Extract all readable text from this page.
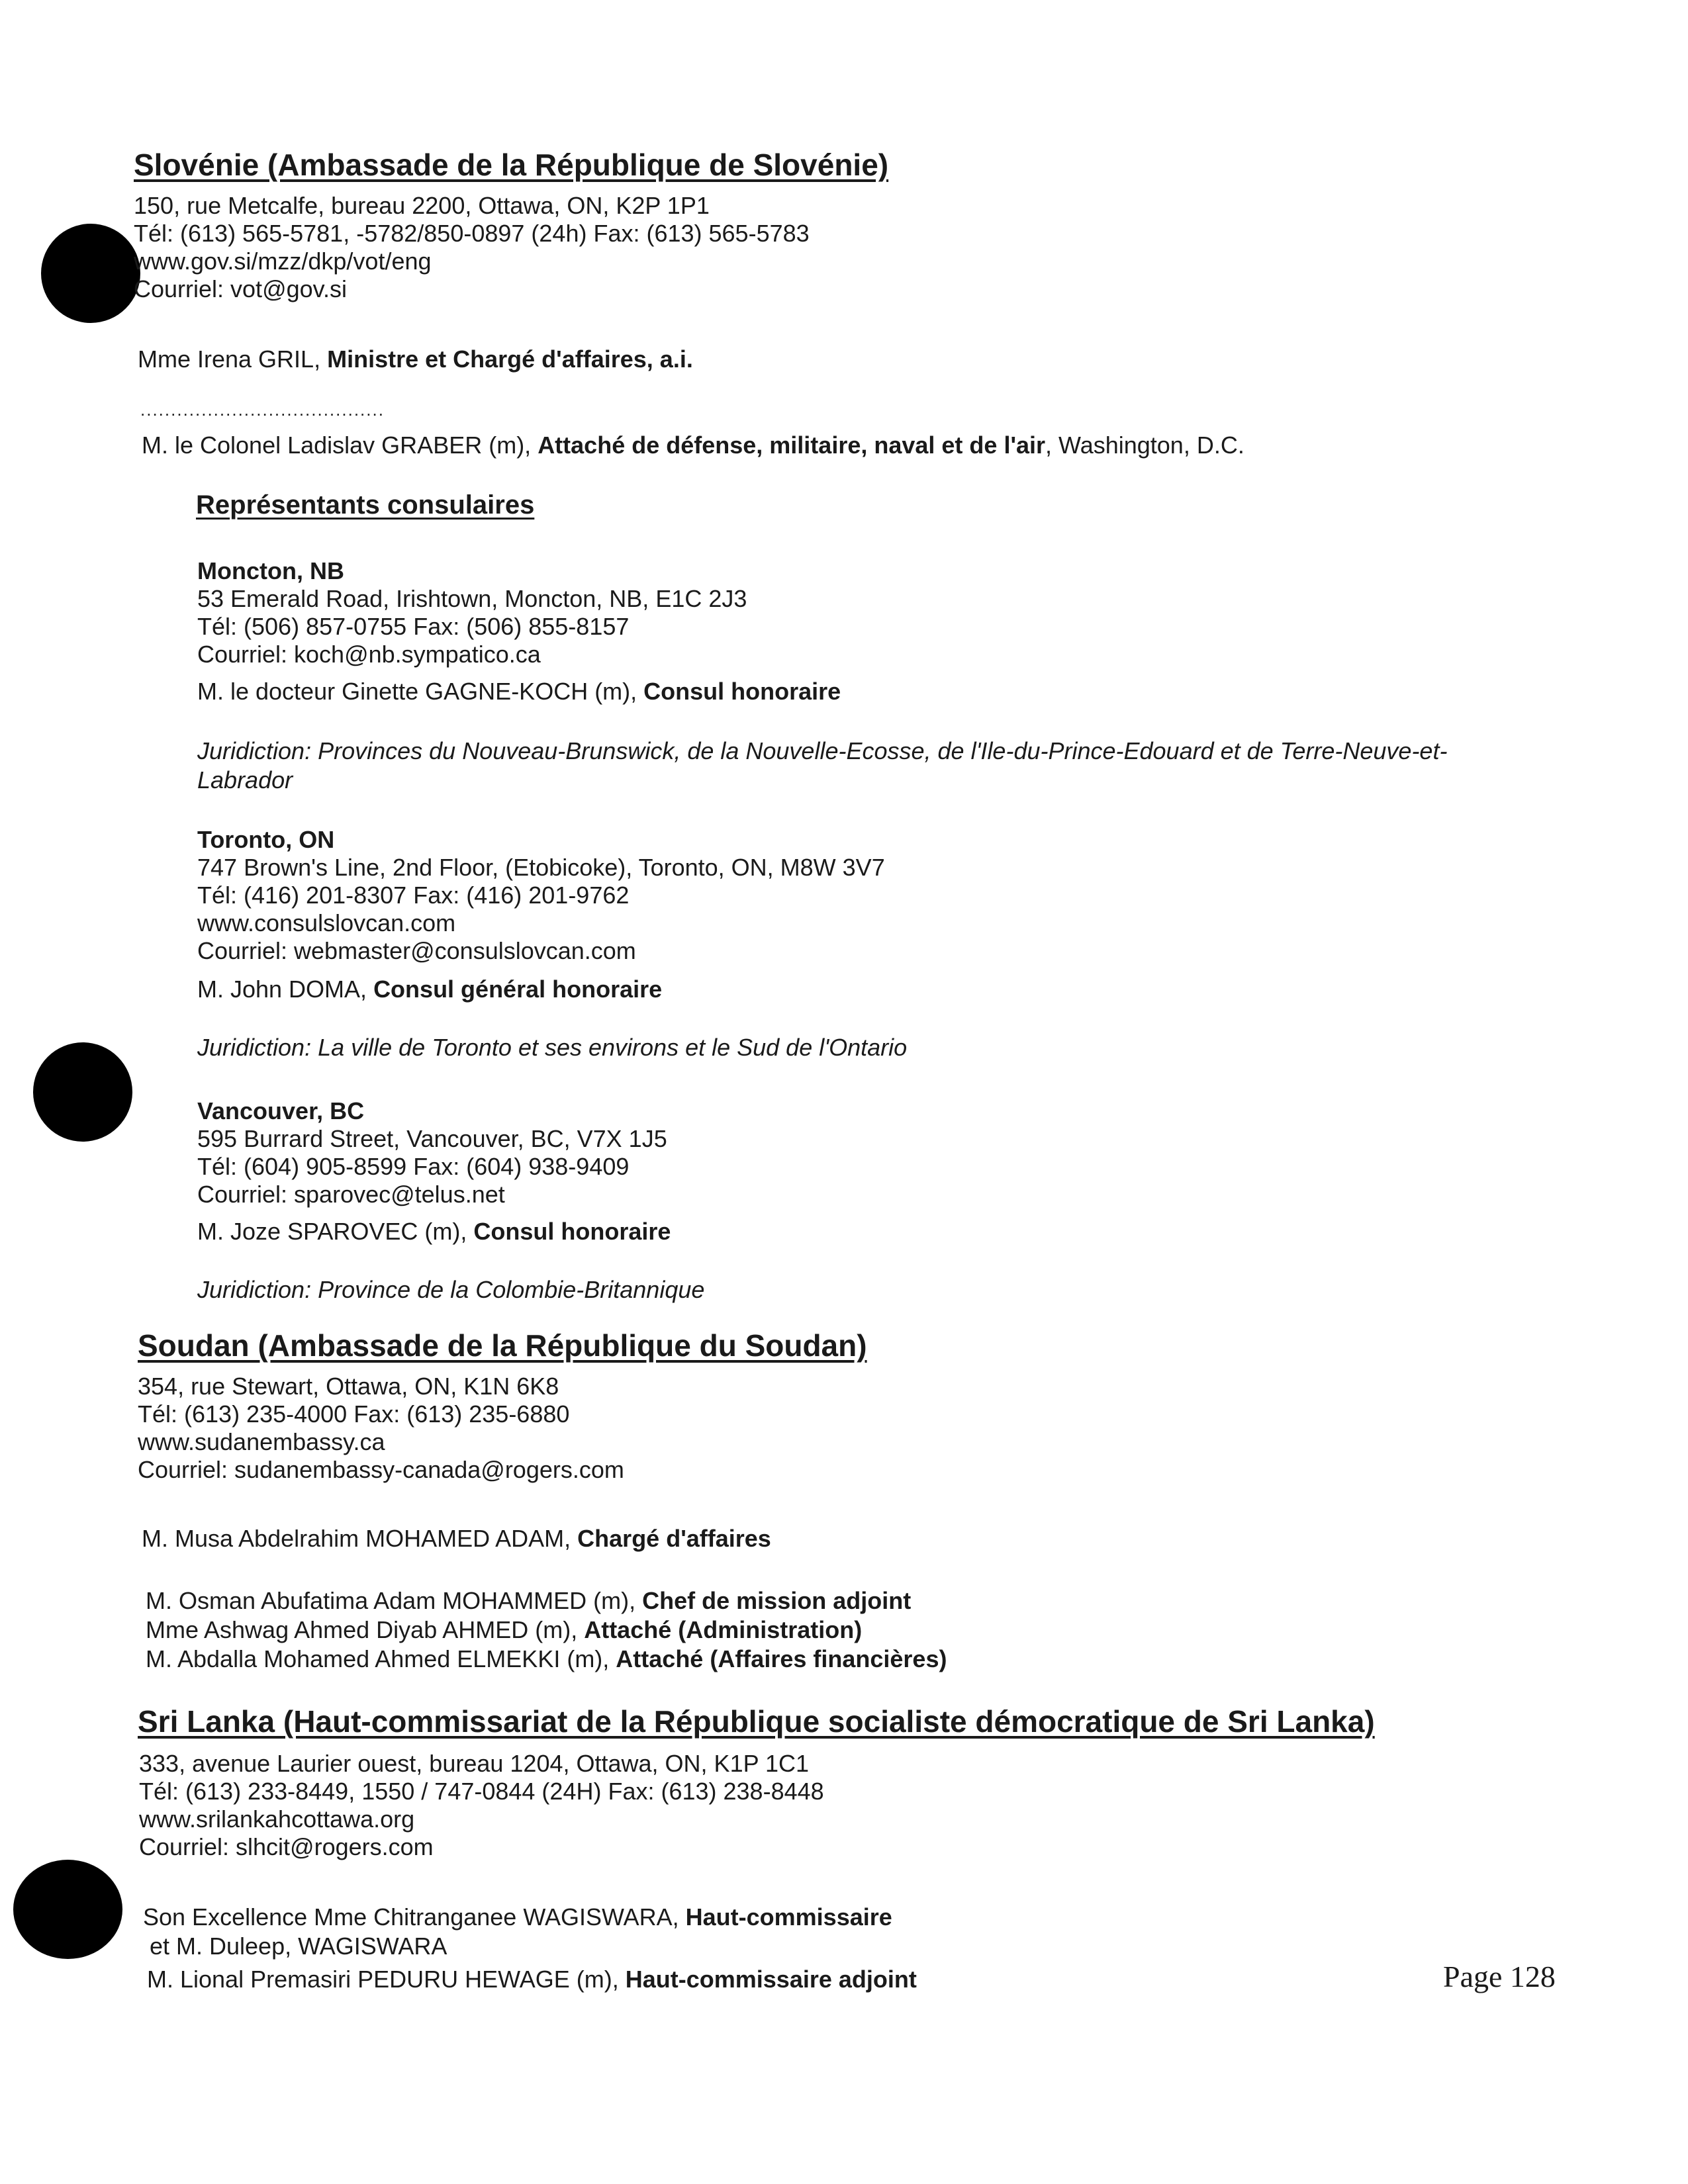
Slovénie (Ambassade de la République de Slovénie)
150, rue Metcalfe, bureau 2200, Ottawa, ON, K2P 1P1
Tél: (613) 565-5781, -5782/850-0897 (24h) Fax: (613) 565-5783
www.gov.si/mzz/dkp/vot/eng
Courriel: vot@gov.si
Mme Irena GRIL, Ministre et Chargé d'affaires, a.i.
........................................
M. le Colonel Ladislav GRABER (m), Attaché de défense, militaire, naval et de l'air, Washington, D.C.
Représentants consulaires
Moncton, NB
53 Emerald Road, Irishtown, Moncton, NB, E1C 2J3
Tél: (506) 857-0755 Fax: (506) 855-8157
Courriel: koch@nb.sympatico.ca
M. le docteur Ginette GAGNE-KOCH (m), Consul honoraire
Juridiction: Provinces du Nouveau-Brunswick, de la Nouvelle-Ecosse, de l'Ile-du-Prince-Edouard et de Terre-Neuve-et-
Labrador
Toronto, ON
747 Brown's Line, 2nd Floor, (Etobicoke), Toronto, ON, M8W 3V7
Tél: (416) 201-8307 Fax: (416) 201-9762
www.consulslovcan.com
Courriel: webmaster@consulslovcan.com
M. John DOMA, Consul général honoraire
Juridiction: La ville de Toronto et ses environs et le Sud de l'Ontario
Vancouver, BC
595 Burrard Street, Vancouver, BC, V7X 1J5
Tél: (604) 905-8599 Fax: (604) 938-9409
Courriel: sparovec@telus.net
M. Joze SPAROVEC (m), Consul honoraire
Juridiction: Province de la Colombie-Britannique
Soudan (Ambassade de la République du Soudan)
354, rue Stewart, Ottawa, ON, K1N 6K8
Tél: (613) 235-4000 Fax: (613) 235-6880
www.sudanembassy.ca
Courriel: sudanembassy-canada@rogers.com
M. Musa Abdelrahim MOHAMED ADAM, Chargé d'affaires
M. Osman Abufatima Adam MOHAMMED (m), Chef de mission adjoint
Mme Ashwag Ahmed Diyab AHMED (m), Attaché (Administration)
M. Abdalla Mohamed Ahmed ELMEKKI (m), Attaché (Affaires financières)
Sri Lanka (Haut-commissariat de la République socialiste démocratique de Sri Lanka)
333, avenue Laurier ouest, bureau 1204, Ottawa, ON, K1P 1C1
Tél: (613) 233-8449, 1550 / 747-0844 (24H) Fax: (613) 238-8448
www.srilankahcottawa.org
Courriel: slhcit@rogers.com
Son Excellence Mme Chitranganee WAGISWARA, Haut-commissaire
et M. Duleep, WAGISWARA
M. Lional Premasiri PEDURU HEWAGE (m), Haut-commissaire adjoint	Page 128
